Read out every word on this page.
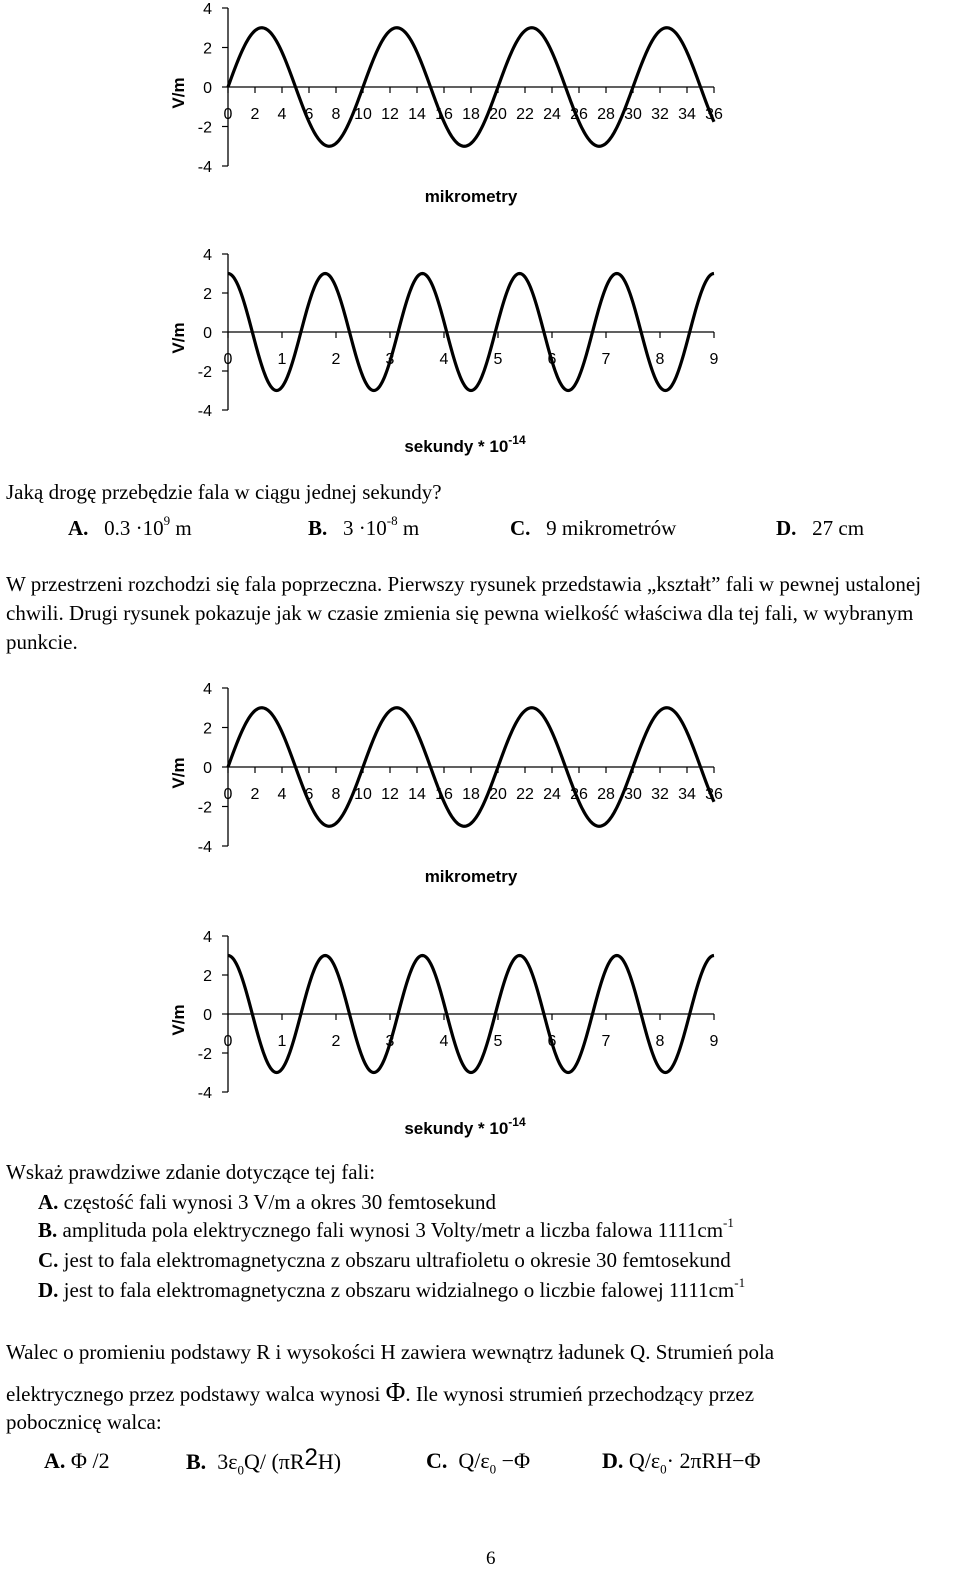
4
2
0
-2
-4
0 2 4 6 8 10 12 14 16 18 20 22 24 26 28 30 32 34 36
V/m
mikrometry
4
2
0
-2
-4
0	1	2	3	4	5	6	7	8	9
V/m
sekundy * $10^{-14}$
Jaką drogę przebędzie fala w ciągu jednej sekundy?
A. $0.3 \cdot 10^9$ m	B. $3 \cdot 10^{-8}$ m	C. 9 mikrometrów	D. 27 cm
W przestrzeni rozchodzi się fala poprzeczna. Pierwszy rysunek przedstawia „kształt” fali w pewnej ustalonej chwili. Drugi rysunek pokazuje jak w czasie zmienia się pewna wielkość właściwa dla tej fali, w wybranym punkcie.
4
2
0
-2
-4
0 2 4 6 8 10 12 14 16 18 20 22 24 26 28 30 32 34 36
V/m
mikrometry
4
2
0
-2
-4
0	1	2	3	4	5	6	7	8	9
V/m
sekundy * $10^{-14}$
Wskaż prawdziwe zdanie dotyczące tej fali:
A. częstość fali wynosi 3 V/m a okres 30 femtosekund
B. amplituda pola elektrycznego fali wynosi 3 Volty/metr a liczba falowa $1111cm^{-1}$
C. jest to fala elektromagnetyczna z obszaru ultrafioletu o okresie 30 femtosekund
D. jest to fala elektromagnetyczna z obszaru widzialnego o liczbie falowej $1111cm^{-1}$
Walec o promieniu podstawy R i wysokości H zawiera wewnątrz ładunek Q. Strumień pola
elektrycznego przez podstawy walca wynosi Φ. Ile wynosi strumień przechodzący przez
pobocznicę walca:
A. Φ /2	B. $3\varepsilon_0Q/$ (πR2H)	C. $Q/\varepsilon_0 -\Phi$	D. $Q/\varepsilon_0\cdot 2\pi RH-\Phi$
6
